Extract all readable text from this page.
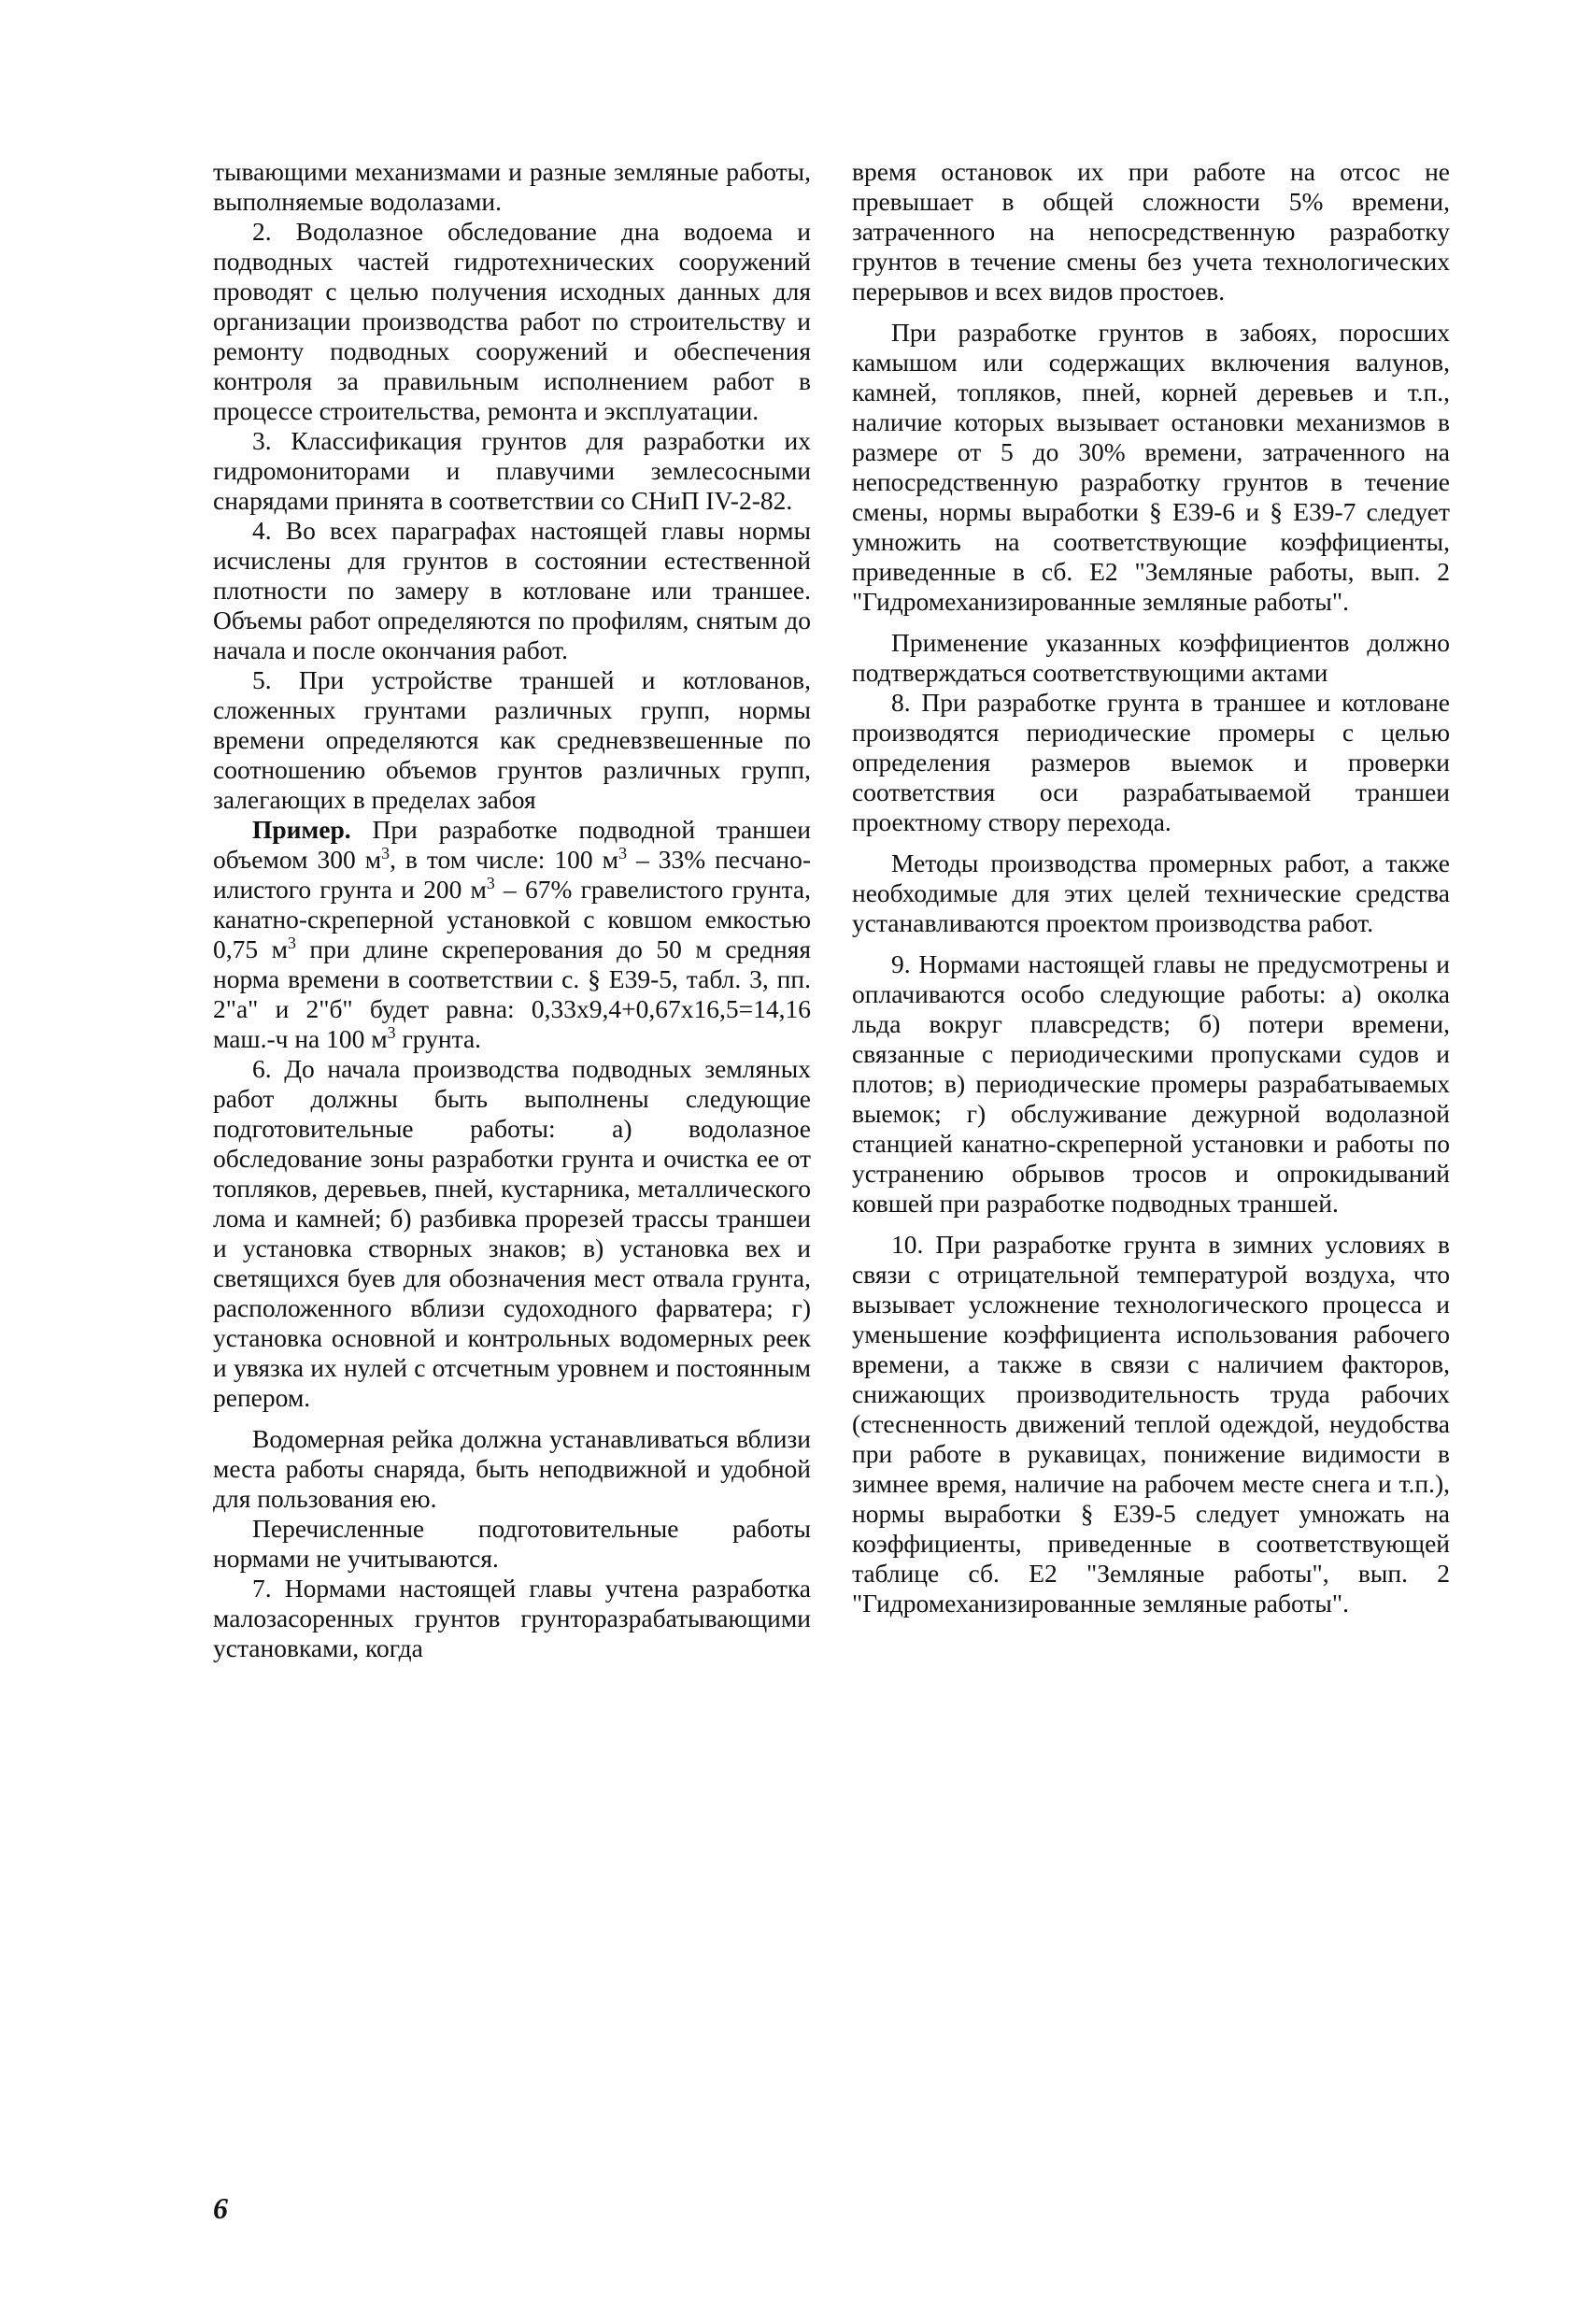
тывающими механизмами и разные земляные работы, выполняемые водолазами.

2. Водолазное обследование дна водоема и подводных частей гидротехнических сооружений проводят с целью получения исходных данных для организации производства работ по строительству и ремонту подводных сооружений и обеспечения контроля за правильным исполнением работ в процессе строительства, ремонта и эксплуатации.

3. Классификация грунтов для разработки их гидромониторами и плавучими землесосными снарядами принята в соответствии со СНиП IV-2-82.

4. Во всех параграфах настоящей главы нормы исчислены для грунтов в состоянии естественной плотности по замеру в котловане или траншее. Объемы работ определяются по профилям, снятым до начала и после окончания работ.

5. При устройстве траншей и котлованов, сложенных грунтами различных групп, нормы времени определяются как средневзвешенные по соотношению объемов грунтов различных групп, залегающих в пределах забоя

Пример. При разработке подводной траншеи объемом 300 $м^3$, в том числе: 100 $м^3 - 33\%$ песчано-илистого грунта и 200 $м^3 - 67\%$ гравелистого грунта, канатно-скреперной установкой с ковшом емкостью 0,75 $м^3$ при длине скреперования до 50 м средняя норма времени в соответствии с. § Е39-5, табл. 3, пп. 2"а" и 2"б" будет равна: 0,33х9,4+0,67х16,5=14,16 маш.-ч на 100 $м^3$ грунта.

6. До начала производства подводных земляных работ должны быть выполнены следующие подготовительные работы: а) водолазное обследование зоны разработки грунта и очистка ее от топляков, деревьев, пней, кустарника, металлического лома и камней; б) разбивка прорезей трассы траншеи и установка створных знаков; в) установка вех и светящихся буев для обозначения мест отвала грунта, расположенного вблизи судоходного фарватера; г) установка основной и контрольных водомерных реек и увязка их нулей с отсчетным уровнем и постоянным репером.

Водомерная рейка должна устанавливаться вблизи места работы снаряда, быть неподвижной и удобной для пользования ею.

Перечисленные подготовительные работы нормами не учитываются.

7. Нормами настоящей главы учтена разработка малозасоренных грунтов грунторазрабатывающими установками, когда

время остановок их при работе на отсос не превышает в общей сложности 5% времени, затраченного на непосредственную разработку грунтов в течение смены без учета технологических перерывов и всех видов простоев.

При разработке грунтов в забоях, поросших камышом или содержащих включения валунов, камней, топляков, пней, корней деревьев и т.п., наличие которых вызывает остановки механизмов в размере от 5 до 30% времени, затраченного на непосредственную разработку грунтов в течение смены, нормы выработки § Е39-6 и § Е39-7 следует умножить на соответствующие коэффициенты, приведенные в сб. Е2 "Земляные работы, вып. 2 "Гидромеханизированные земляные работы".

Применение указанных коэффициентов должно подтверждаться соответствующими актами

8. При разработке грунта в траншее и котловане производятся периодические промеры с целью определения размеров выемок и проверки соответствия оси разрабатываемой траншеи проектному створу перехода.

Методы производства промерных работ, а также необходимые для этих целей технические средства устанавливаются проектом производства работ.

9. Нормами настоящей главы не предусмотрены и оплачиваются особо следующие работы: а) околка льда вокруг плавсредств; б) потери времени, связанные с периодическими пропусками судов и плотов; в) периодические промеры разрабатываемых выемок; г) обслуживание дежурной водолазной станцией канатно-скреперной установки и работы по устранению обрывов тросов и опрокидываний ковшей при разработке подводных траншей.

10. При разработке грунта в зимних условиях в связи с отрицательной температурой воздуха, что вызывает усложнение технологического процесса и уменьшение коэффициента использования рабочего времени, а также в связи с наличием факторов, снижающих производительность труда рабочих (стесненность движений теплой одеждой, неудобства при работе в рукавицах, понижение видимости в зимнее время, наличие на рабочем месте снега и т.п.), нормы выработки § Е39-5 следует умножать на коэффициенты, приведенные в соответствующей таблице сб. Е2 "Земляные работы", вып. 2 "Гидромеханизированные земляные работы".

6
